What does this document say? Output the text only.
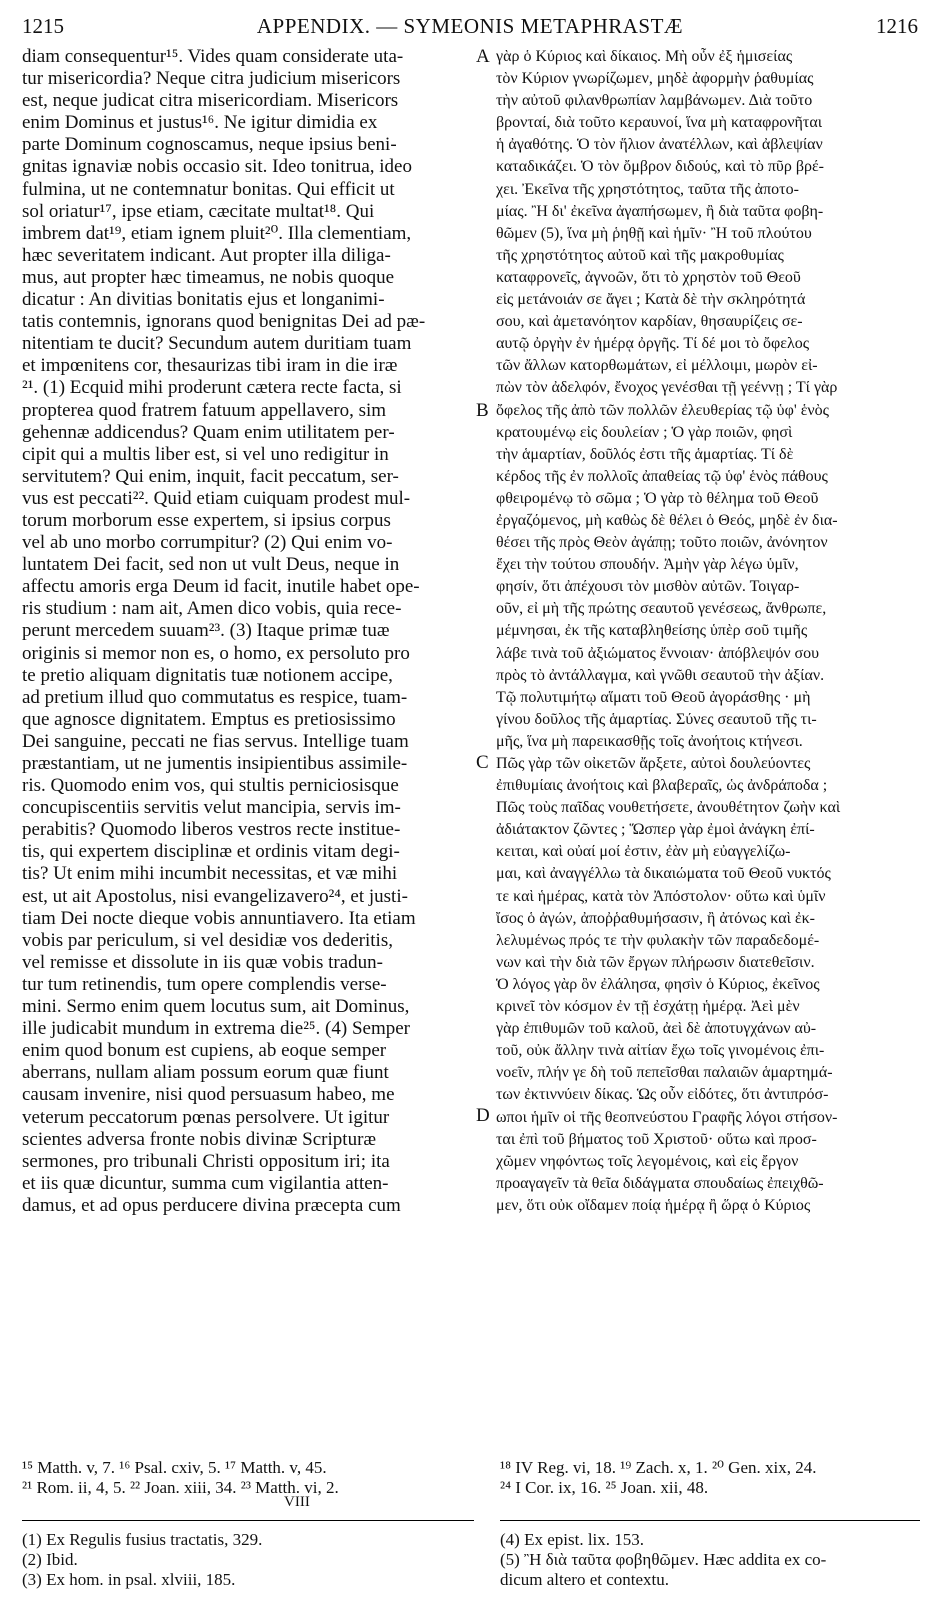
1215	APPENDIX. — SYMEONIS METAPHRASTÆ	1216
diam consequentur¹⁵. Vides quam considerate uta-
tur misericordia? Neque citra judicium misericors
est, neque judicat citra misericordiam. Misericors
enim Dominus et justus¹⁶. Ne igitur dimidia ex
parte Dominum cognoscamus, neque ipsius beni-
gnitas ignaviæ nobis occasio sit. Ideo tonitrua, ideo
fulmina, ut ne contemnatur bonitas. Qui efficit ut
sol oriatur¹⁷, ipse etiam, cæcitate multat¹⁸. Qui
imbrem dat¹⁹, etiam ignem pluit²⁰. Illa clementiam,
hæc severitatem indicant. Aut propter illa diliga-
mus, aut propter hæc timeamus, ne nobis quoque
dicatur : An divitias bonitatis ejus et longanimi-
tatis contemnis, ignorans quod benignitas Dei ad pæ-
nitentiam te ducit? Secundum autem duritiam tuam
et impœnitens cor, thesaurizas tibi iram in die iræ
²¹. (1) Ecquid mihi proderunt cætera recte facta, si
propterea quod fratrem fatuum appellavero, sim
gehennæ addicendus? Quam enim utilitatem per-
cipit qui a multis liber est, si vel uno redigitur in
servitutem? Qui enim, inquit, facit peccatum, ser-
vus est peccati²². Quid etiam cuiquam prodest mul-
torum morborum esse expertem, si ipsius corpus
vel ab uno morbo corrumpitur? (2) Qui enim vo-
luntatem Dei facit, sed non ut vult Deus, neque in
affectu amoris erga Deum id facit, inutile habet ope-
ris studium : nam ait, Amen dico vobis, quia rece-
perunt mercedem suuam²³. (3) Itaque primæ tuæ
originis si memor non es, o homo, ex persoluto pro
te pretio aliquam dignitatis tuæ notionem accipe,
ad pretium illud quo commutatus es respice, tuam-
que agnosce dignitatem. Emptus es pretiosissimo
Dei sanguine, peccati ne fias servus. Intellige tuam
præstantiam, ut ne jumentis insipientibus assimile-
ris. Quomodo enim vos, qui stultis perniciosisque
concupiscentiis servitis velut mancipia, servis im-
perabitis? Quomodo liberos vestros recte institue-
tis, qui expertem disciplinæ et ordinis vitam degi-
tis? Ut enim mihi incumbit necessitas, et væ mihi
est, ut ait Apostolus, nisi evangelizavero²⁴, et justi-
tiam Dei nocte dieque vobis annuntiavero. Ita etiam
vobis par periculum, si vel desidiæ vos dederitis,
vel remisse et dissolute in iis quæ vobis tradun-
tur tum retinendis, tum opere complendis verse-
mini. Sermo enim quem locutus sum, ait Dominus,
ille judicabit mundum in extrema die²⁵. (4) Semper
enim quod bonum est cupiens, ab eoque semper
aberrans, nullam aliam possum eorum quæ fiunt
causam invenire, nisi quod persuasum habeo, me
veterum peccatorum pœnas persolvere. Ut igitur
scientes adversa fronte nobis divinæ Scripturæ
sermones, pro tribunali Christi oppositum iri; ita
et iis quæ dicuntur, summa cum vigilantia atten-
damus, et ad opus perducere divina præcepta cum
A
B
C
D
γὰρ ὁ Κύριος καὶ δίκαιος. Μὴ οὖν ἐξ ἡμισείας
τὸν Κύριον γνωρίζωμεν, μηδὲ ἀφορμὴν ῥαθυμίας
τὴν αὐτοῦ φιλανθρωπίαν λαμβάνωμεν. Διὰ τοῦτο
βρονταί, διὰ τοῦτο κεραυνοί, ἵνα μὴ καταφρονῆται
ἡ ἀγαθότης. Ὁ τὸν ἥλιον ἀνατέλλων, καὶ ἀβλεψίαν
καταδικάζει. Ὁ τὸν ὄμβρον διδούς, καὶ τὸ πῦρ βρέ-
χει. Ἐκεῖνα τῆς χρηστότητος, ταῦτα τῆς ἀποτο-
μίας. Ἢ δι' ἐκεῖνα ἀγαπήσωμεν, ἢ διὰ ταῦτα φοβη-
θῶμεν (5), ἵνα μὴ ῥηθῇ καὶ ἡμῖν· Ἢ τοῦ πλούτου
τῆς χρηστότητος αὐτοῦ καὶ τῆς μακροθυμίας
καταφρονεῖς, ἀγνοῶν, ὅτι τὸ χρηστὸν τοῦ Θεοῦ
εἰς μετάνοιάν σε ἄγει ; Κατὰ δὲ τὴν σκληρότητά
σου, καὶ ἀμετανόητον καρδίαν, θησαυρίζεις σε-
αυτῷ ὀργὴν ἐν ἡμέρᾳ ὀργῆς. Τί δέ μοι τὸ ὄφελος
τῶν ἄλλων κατορθωμάτων, εἰ μέλλοιμι, μωρὸν εἰ-
πὼν τὸν ἀδελφόν, ἔνοχος γενέσθαι τῇ γεέννῃ ; Τί γὰρ
ὄφελος τῆς ἀπὸ τῶν πολλῶν ἐλευθερίας τῷ ὑφ' ἑνὸς
κρατουμένῳ εἰς δουλείαν ; Ὁ γὰρ ποιῶν, φησὶ
τὴν ἁμαρτίαν, δοῦλός ἐστι τῆς ἁμαρτίας. Τί δὲ
κέρδος τῆς ἐν πολλοῖς ἀπαθείας τῷ ὑφ' ἑνὸς πάθους
φθειρομένῳ τὸ σῶμα ; Ὁ γὰρ τὸ θέλημα τοῦ Θεοῦ
ἐργαζόμενος, μὴ καθὼς δὲ θέλει ὁ Θεός, μηδὲ ἐν δια-
θέσει τῆς πρὸς Θεὸν ἀγάπῃ; τοῦτο ποιῶν, ἀνόνητον
ἔχει τὴν τούτου σπουδήν. Ἀμὴν γὰρ λέγω ὑμῖν,
φησίν, ὅτι ἀπέχουσι τὸν μισθὸν αὐτῶν. Τοιγαρ-
οῦν, εἰ μὴ τῆς πρώτης σεαυτοῦ γενέσεως, ἄνθρωπε,
μέμνησαι, ἐκ τῆς καταβληθείσης ὑπὲρ σοῦ τιμῆς
λάβε τινὰ τοῦ ἀξιώματος ἔννοιαν· ἀπόβλεψόν σου
πρὸς τὸ ἀντάλλαγμα, καὶ γνῶθι σεαυτοῦ τὴν ἀξίαν.
Τῷ πολυτιμήτῳ αἵματι τοῦ Θεοῦ ἀγοράσθης · μὴ
γίνου δοῦλος τῆς ἁμαρτίας. Σύνες σεαυτοῦ τῆς τι-
μῆς, ἵνα μὴ παρεικασθῇς τοῖς ἀνοήτοις κτήνεσι.
Πῶς γὰρ τῶν οἰκετῶν ἄρξετε, αὐτοὶ δουλεύοντες
ἐπιθυμίαις ἀνοήτοις καὶ βλαβεραῖς, ὡς ἀνδράποδα ;
Πῶς τοὺς παῖδας νουθετήσετε, ἀνουθέτητον ζωὴν καὶ
ἀδιάτακτον ζῶντες ; Ὥσπερ γὰρ ἐμοὶ ἀνάγκη ἐπί-
κειται, καὶ οὐαί μοί ἐστιν, ἐὰν μὴ εὐαγγελίζω-
μαι, καὶ ἀναγγέλλω τὰ δικαιώματα τοῦ Θεοῦ νυκτός
τε καὶ ἡμέρας, κατὰ τὸν Ἀπόστολον· οὕτω καὶ ὑμῖν
ἴσος ὁ ἀγών, ἀποῤῥαθυμήσασιν, ἢ ἀτόνως καὶ ἐκ-
λελυμένως πρός τε τὴν φυλακὴν τῶν παραδεδομέ-
νων καὶ τὴν διὰ τῶν ἔργων πλήρωσιν διατεθεῖσιν.
Ὁ λόγος γὰρ ὃν ἐλάλησα, φησὶν ὁ Κύριος, ἐκεῖνος
κρινεῖ τὸν κόσμον ἐν τῇ ἐσχάτῃ ἡμέρᾳ. Ἀεὶ μὲν
γὰρ ἐπιθυμῶν τοῦ καλοῦ, ἀεὶ δὲ ἀποτυγχάνων αὐ-
τοῦ, οὐκ ἄλλην τινὰ αἰτίαν ἔχω τοῖς γινομένοις ἐπι-
νοεῖν, πλήν γε δὴ τοῦ πεπεῖσθαι παλαιῶν ἁμαρτημά-
των ἐκτιννύειν δίκας. Ὡς οὖν εἰδότες, ὅτι ἀντιπρόσ-
ωποι ἡμῖν οἱ τῆς θεοπνεύστου Γραφῆς λόγοι στήσον-
ται ἐπὶ τοῦ βήματος τοῦ Χριστοῦ· οὕτω καὶ προσ-
χῶμεν νηφόντως τοῖς λεγομένοις, καὶ εἰς ἔργον
προαγαγεῖν τὰ θεῖα διδάγματα σπουδαίως ἐπειχθῶ-
μεν, ὅτι οὐκ οἴδαμεν ποίᾳ ἡμέρᾳ ἢ ὥρᾳ ὁ Κύριος
¹⁵ Matth. v, 7. ¹⁶ Psal. cxiv, 5. ¹⁷ Matth. v, 45.
²¹ Rom. ii, 4, 5. ²² Joan. xiii, 34. ²³ Matth. vi, 2.
VIII
¹⁸ IV Reg. vi, 18. ¹⁹ Zach. x, 1. ²⁰ Gen. xix, 24.
²⁴ I Cor. ix, 16. ²⁵ Joan. xii, 48.
(1) Ex Regulis fusius tractatis, 329.
(2) Ibid.
(3) Ex hom. in psal. xlviii, 185.
(4) Ex epist. lix. 153.
(5) Ἢ διὰ ταῦτα φοβηθῶμεν. Hæc addita ex co-
dicum altero et contextu.
